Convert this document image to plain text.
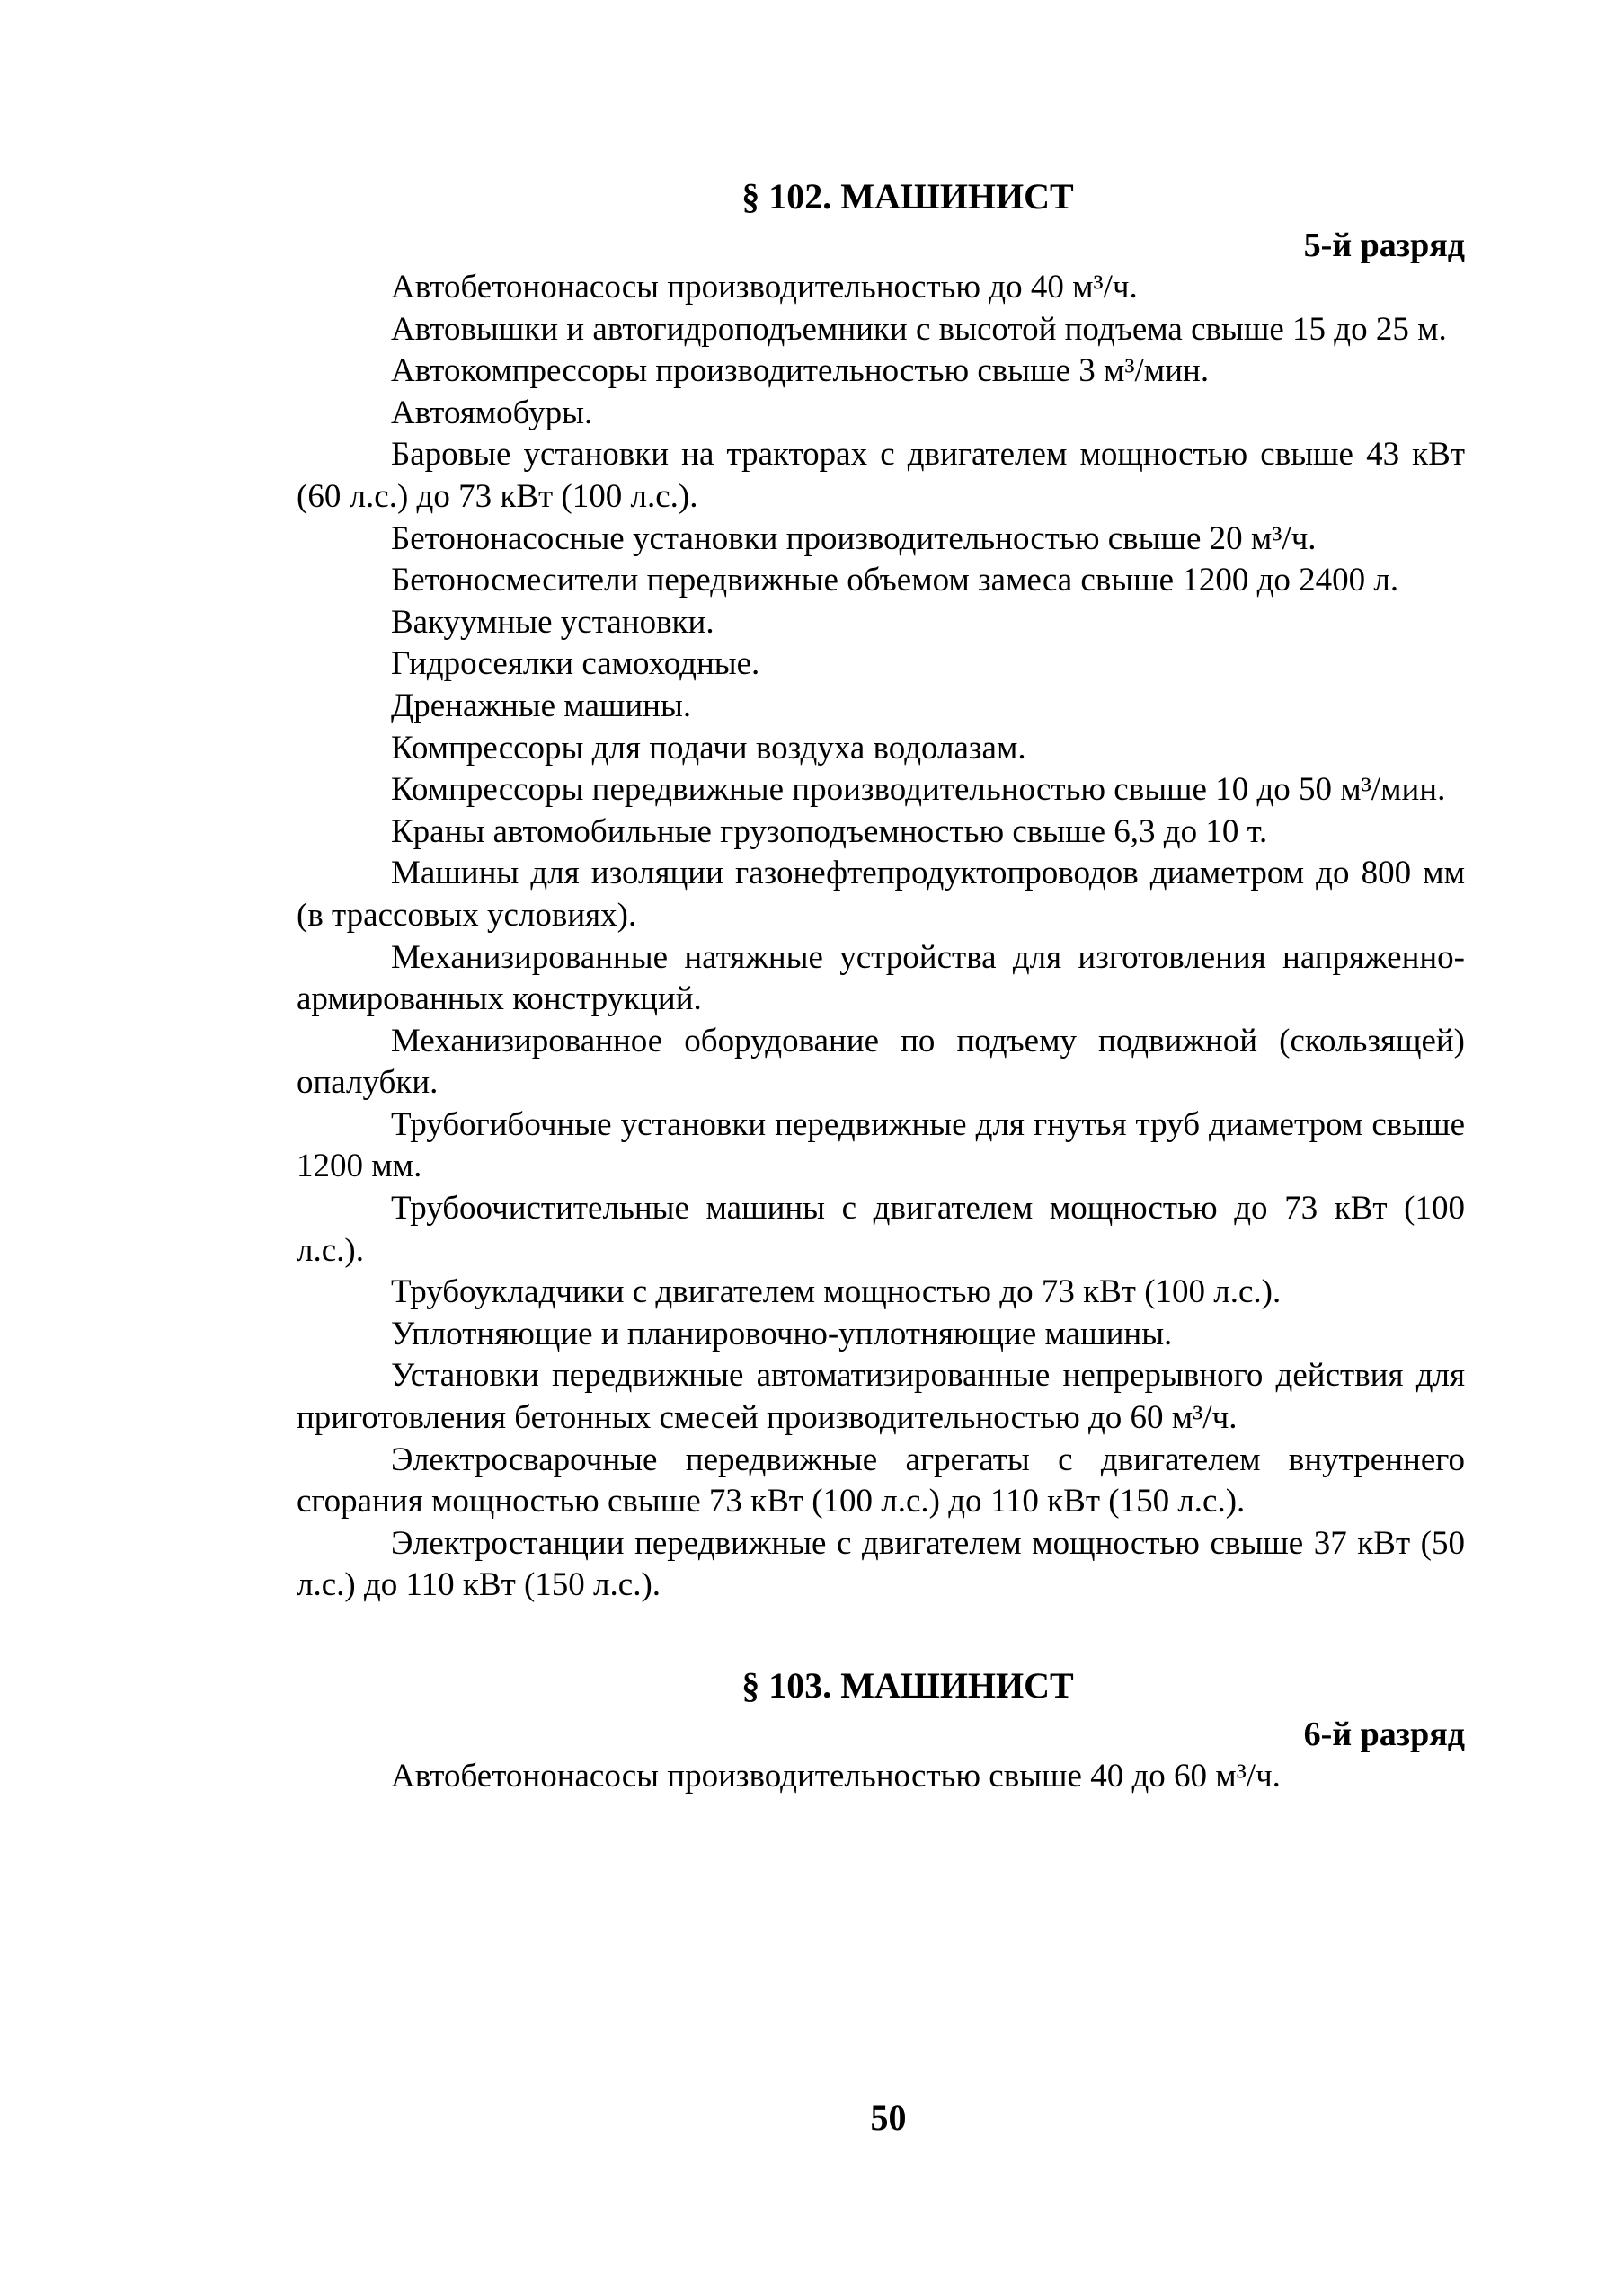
§ 102. МАШИНИСТ
5-й разряд

Автобетононасосы производительностью до 40 м³/ч.

Автовышки и автогидроподъемники с высотой подъема свыше 15 до 25 м.

Автокомпрессоры производительностью свыше 3 м³/мин.

Автоямобуры.

Баровые установки на тракторах с двигателем мощностью свыше 43 кВт (60 л.с.) до 73 кВт (100 л.с.).

Бетононасосные установки производительностью свыше 20 м³/ч.

Бетоносмесители передвижные объемом замеса свыше 1200 до 2400 л.

Вакуумные установки.

Гидросеялки самоходные.

Дренажные машины.

Компрессоры для подачи воздуха водолазам.

Компрессоры передвижные производительностью свыше 10 до 50 м³/мин.

Краны автомобильные грузоподъемностью свыше 6,3 до 10 т.

Машины для изоляции газонефтепродуктопроводов диаметром до 800 мм (в трассовых условиях).

Механизированные натяжные устройства для изготовления напряженно-армированных конструкций.

Механизированное оборудование по подъему подвижной (скользящей) опалубки.

Трубогибочные установки передвижные для гнутья труб диаметром свыше 1200 мм.

Трубоочистительные машины с двигателем мощностью до 73 кВт (100 л.с.).

Трубоукладчики с двигателем мощностью до 73 кВт (100 л.с.).

Уплотняющие и планировочно-уплотняющие машины.

Установки передвижные автоматизированные непрерывного действия для приготовления бетонных смесей производительностью до 60 м³/ч.

Электросварочные передвижные агрегаты с двигателем внутреннего сгорания мощностью свыше 73 кВт (100 л.с.) до 110 кВт (150 л.с.).

Электростанции передвижные с двигателем мощностью свыше 37 кВт (50 л.с.) до 110 кВт (150 л.с.).

§ 103. МАШИНИСТ
6-й разряд

Автобетононасосы производительностью свыше 40 до 60 м³/ч.

50
